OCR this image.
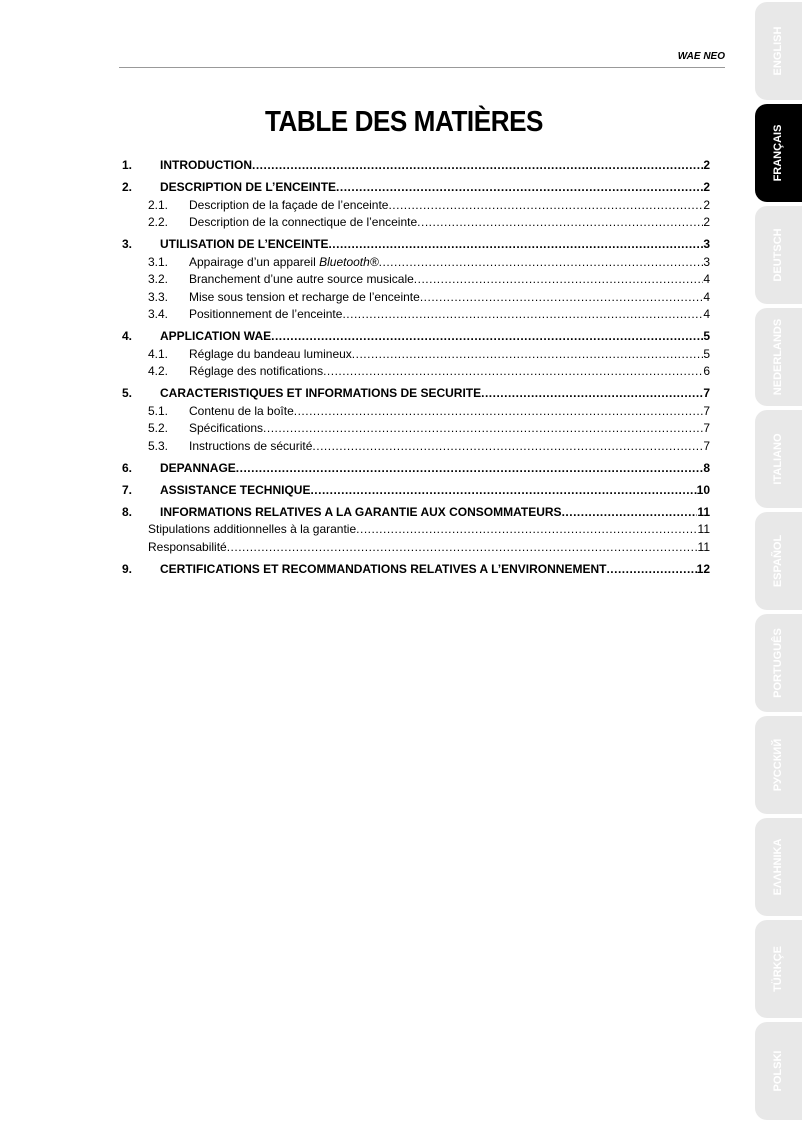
WAE NEO
TABLE DES MATIÈRES
1.	INTRODUCTION .....	2
2.	DESCRIPTION DE L’ENCEINTE .....	2
2.1.	Description de la façade de l’enceinte .....	2
2.2.	Description de la connectique de l’enceinte .....	2
3.	UTILISATION DE L’ENCEINTE .....	3
3.1.	Appairage d’un appareil Bluetooth® .....	3
3.2.	Branchement d’une autre source musicale .....	4
3.3.	Mise sous tension et recharge de l’enceinte .....	4
3.4.	Positionnement de l’enceinte .....	4
4.	APPLICATION WAE .....	5
4.1.	Réglage du bandeau lumineux .....	5
4.2.	Réglage des notifications .....	6
5.	CARACTERISTIQUES ET INFORMATIONS DE SECURITE .....	7
5.1.	Contenu de la boîte .....	7
5.2.	Spécifications .....	7
5.3.	Instructions de sécurité .....	7
6.	DEPANNAGE .....	8
7.	ASSISTANCE TECHNIQUE .....	10
8.	INFORMATIONS RELATIVES A LA GARANTIE AUX CONSOMMATEURS .....	11
Stipulations additionnelles à la garantie .....	11
Responsabilité .....	11
9.	CERTIFICATIONS ET RECOMMANDATIONS RELATIVES A L’ENVIRONNEMENT .....	12
ENGLISH
FRANÇAIS
DEUTSCH
NEDERLANDS
ITALIANO
ESPAÑOL
PORTUGUÊS
РУССКИЙ
ΕΛΛΗΝΙΚΑ
TÜRKÇE
POLSKI
